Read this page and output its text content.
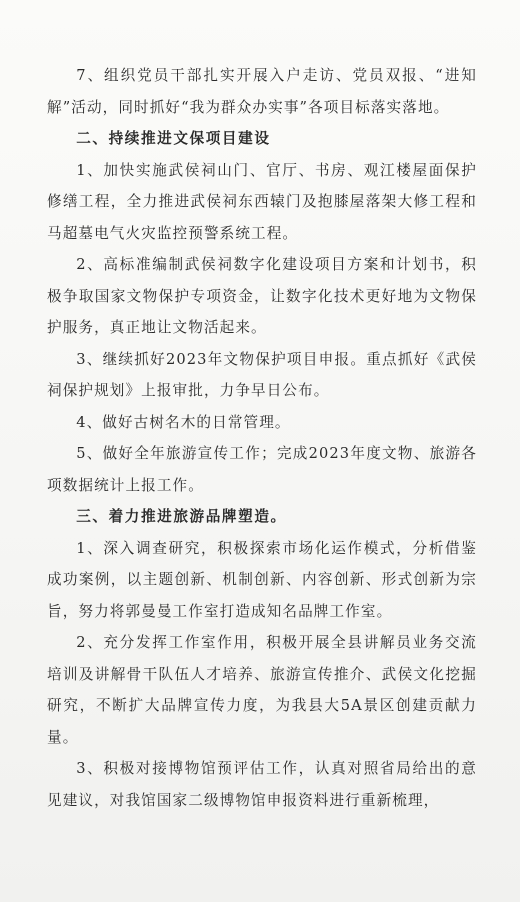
7、组织党员干部扎实开展入户走访、党员双报、“进知解”活动，同时抓好“我为群众办实事”各项目标落实落地。

二、持续推进文保项目建设

1、加快实施武侯祠山门、官厅、书房、观江楼屋面保护修缮工程，全力推进武侯祠东西辕门及抱膝屋落架大修工程和马超墓电气火灾监控预警系统工程。

2、高标准编制武侯祠数字化建设项目方案和计划书，积极争取国家文物保护专项资金，让数字化技术更好地为文物保护服务，真正地让文物活起来。

3、继续抓好2023年文物保护项目申报。重点抓好《武侯祠保护规划》上报审批，力争早日公布。

4、做好古树名木的日常管理。

5、做好全年旅游宣传工作；完成2023年度文物、旅游各项数据统计上报工作。

三、着力推进旅游品牌塑造。

1、深入调查研究，积极探索市场化运作模式，分析借鉴成功案例，以主题创新、机制创新、内容创新、形式创新为宗旨，努力将郭曼曼工作室打造成知名品牌工作室。

2、充分发挥工作室作用，积极开展全县讲解员业务交流培训及讲解骨干队伍人才培养、旅游宣传推介、武侯文化挖掘研究，不断扩大品牌宣传力度，为我县大5A景区创建贡献力量。

3、积极对接博物馆预评估工作，认真对照省局给出的意见建议，对我馆国家二级博物馆申报资料进行重新梳理，
